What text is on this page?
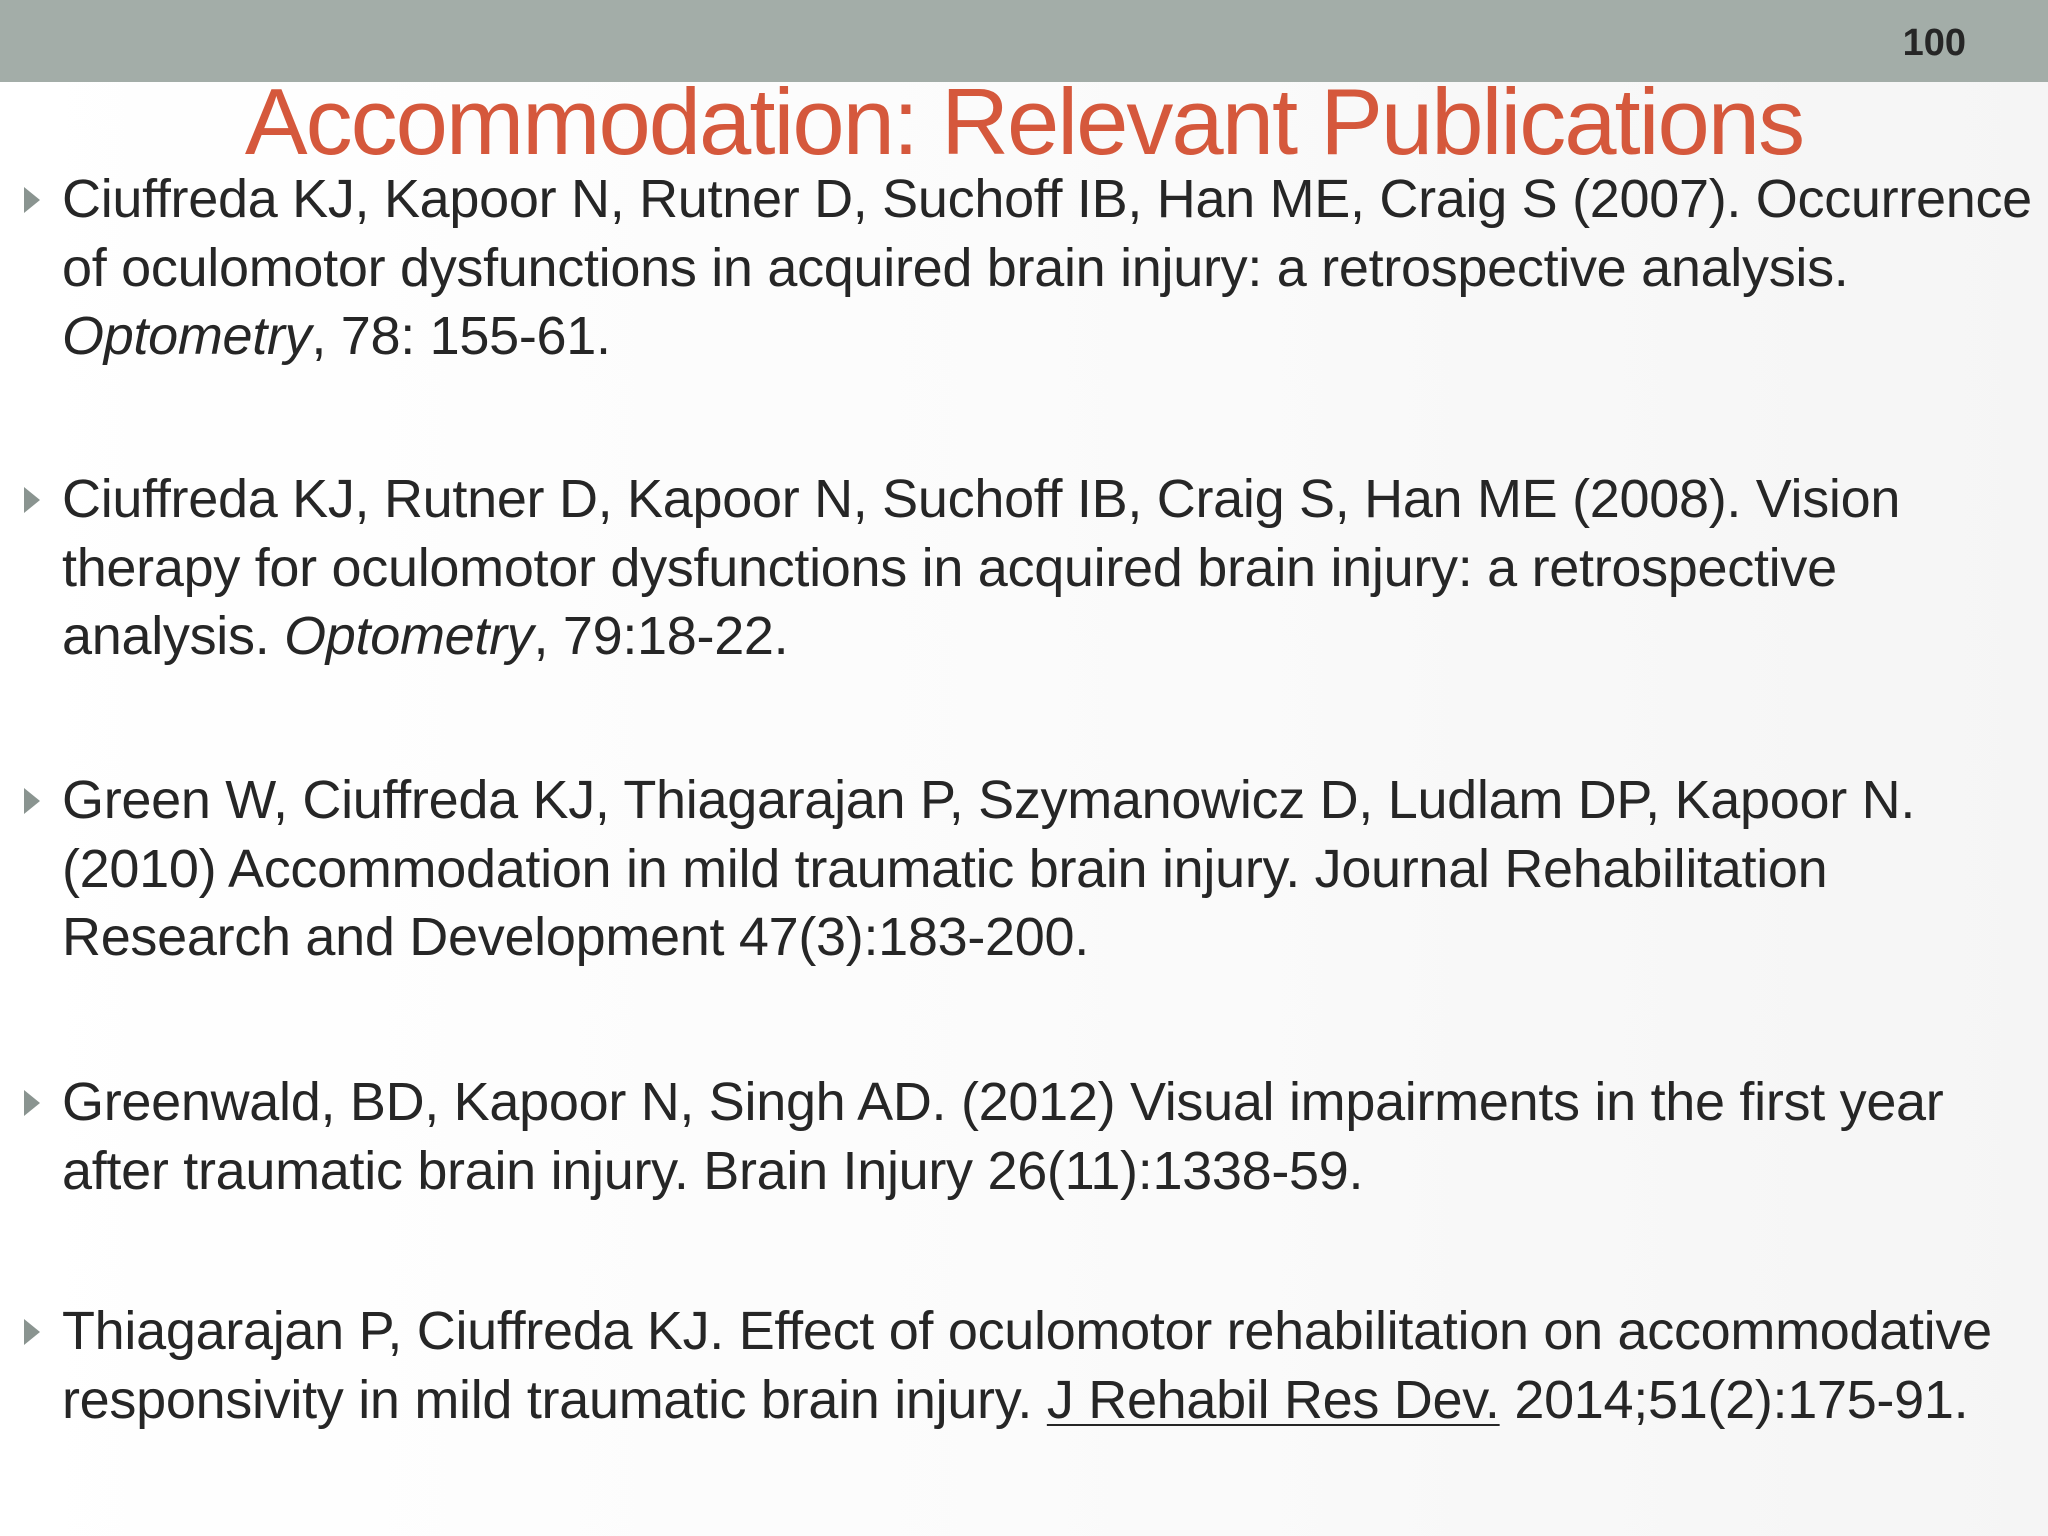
100
Accommodation: Relevant Publications

Ciuffreda KJ, Kapoor N, Rutner D, Suchoff IB, Han ME, Craig S (2007). Occurrence of oculomotor dysfunctions in acquired brain injury: a retrospective analysis. Optometry, 78: 155-61.

Ciuffreda KJ, Rutner D, Kapoor N, Suchoff IB, Craig S, Han ME (2008). Vision therapy for oculomotor dysfunctions in acquired brain injury: a retrospective analysis. Optometry, 79:18-22.

Green W, Ciuffreda KJ, Thiagarajan P, Szymanowicz D, Ludlam DP, Kapoor N. (2010) Accommodation in mild traumatic brain injury. Journal Rehabilitation Research and Development 47(3):183-200.

Greenwald, BD, Kapoor N, Singh AD. (2012) Visual impairments in the first year after traumatic brain injury. Brain Injury 26(11):1338-59.

Thiagarajan P, Ciuffreda KJ. Effect of oculomotor rehabilitation on accommodative responsivity in mild traumatic brain injury. J Rehabil Res Dev. 2014;51(2):175-91.
